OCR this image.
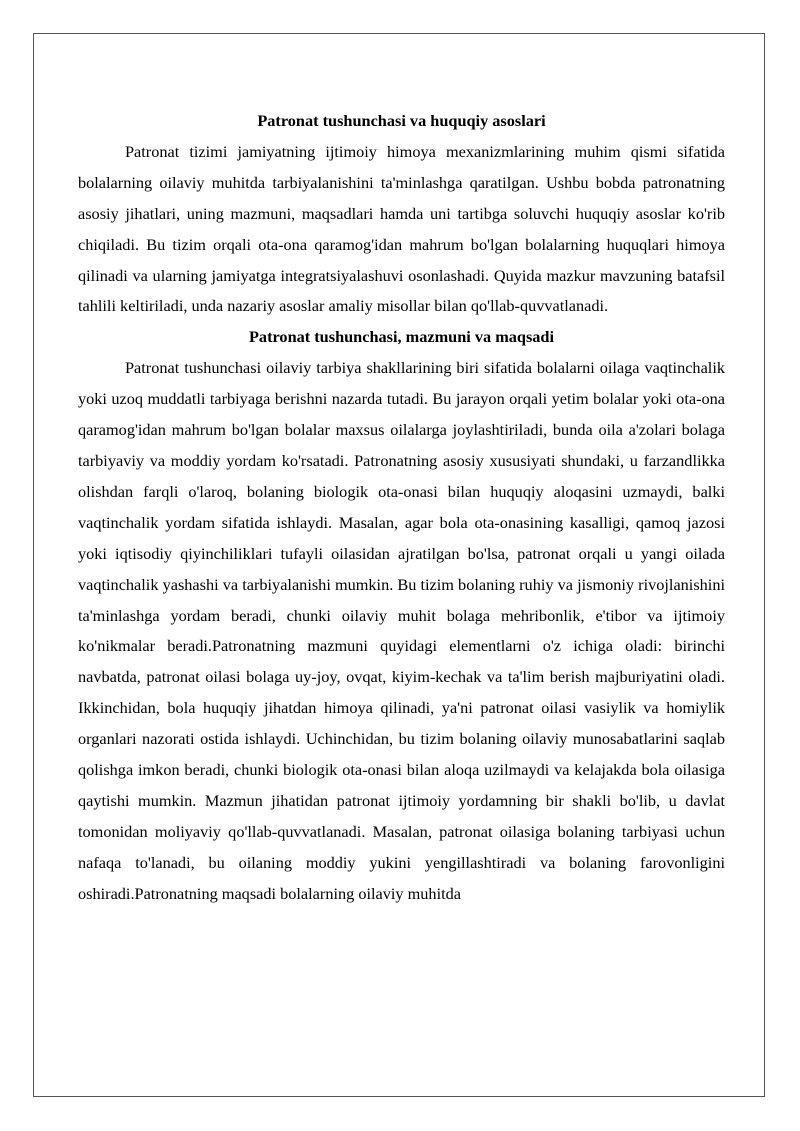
Patronat tushunchasi va huquqiy asoslari

Patronat tizimi jamiyatning ijtimoiy himoya mexanizmlarining muhim qismi sifatida bolalarning oilaviy muhitda tarbiyalanishini ta'minlashga qaratilgan. Ushbu bobda patronatning asosiy jihatlari, uning mazmuni, maqsadlari hamda uni tartibga soluvchi huquqiy asoslar ko'rib chiqiladi. Bu tizim orqali ota-ona qaramog'idan mahrum bo'lgan bolalarning huquqlari himoya qilinadi va ularning jamiyatga integratsiyalashuvi osonlashadi. Quyida mazkur mavzuning batafsil tahlili keltiriladi, unda nazariy asoslar amaliy misollar bilan qo'llab-quvvatlanadi.

Patronat tushunchasi, mazmuni va maqsadi

Patronat tushunchasi oilaviy tarbiya shakllarining biri sifatida bolalarni oilaga vaqtinchalik yoki uzoq muddatli tarbiyaga berishni nazarda tutadi. Bu jarayon orqali yetim bolalar yoki ota-ona qaramog'idan mahrum bo'lgan bolalar maxsus oilalarga joylashtiriladi, bunda oila a'zolari bolaga tarbiyaviy va moddiy yordam ko'rsatadi. Patronatning asosiy xususiyati shundaki, u farzandlikka olishdan farqli o'laroq, bolaning biologik ota-onasi bilan huquqiy aloqasini uzmaydi, balki vaqtinchalik yordam sifatida ishlaydi. Masalan, agar bola ota-onasining kasalligi, qamoq jazosi yoki iqtisodiy qiyinchiliklari tufayli oilasidan ajratilgan bo'lsa, patronat orqali u yangi oilada vaqtinchalik yashashi va tarbiyalanishi mumkin. Bu tizim bolaning ruhiy va jismoniy rivojlanishini ta'minlashga yordam beradi, chunki oilaviy muhit bolaga mehribonlik, e'tibor va ijtimoiy ko'nikmalar beradi.Patronatning mazmuni quyidagi elementlarni o'z ichiga oladi: birinchi navbatda, patronat oilasi bolaga uy-joy, ovqat, kiyim-kechak va ta'lim berish majburiyatini oladi. Ikkinchidan, bola huquqiy jihatdan himoya qilinadi, ya'ni patronat oilasi vasiylik va homiylik organlari nazorati ostida ishlaydi. Uchinchidan, bu tizim bolaning oilaviy munosabatlarini saqlab qolishga imkon beradi, chunki biologik ota-onasi bilan aloqa uzilmaydi va kelajakda bola oilasiga qaytishi mumkin. Mazmun jihatidan patronat ijtimoiy yordamning bir shakli bo'lib, u davlat tomonidan moliyaviy qo'llab-quvvatlanadi. Masalan, patronat oilasiga bolaning tarbiyasi uchun nafaqa to'lanadi, bu oilaning moddiy yukini yengillashtiradi va bolaning farovonligini oshiradi.Patronatning maqsadi bolalarning oilaviy muhitda
